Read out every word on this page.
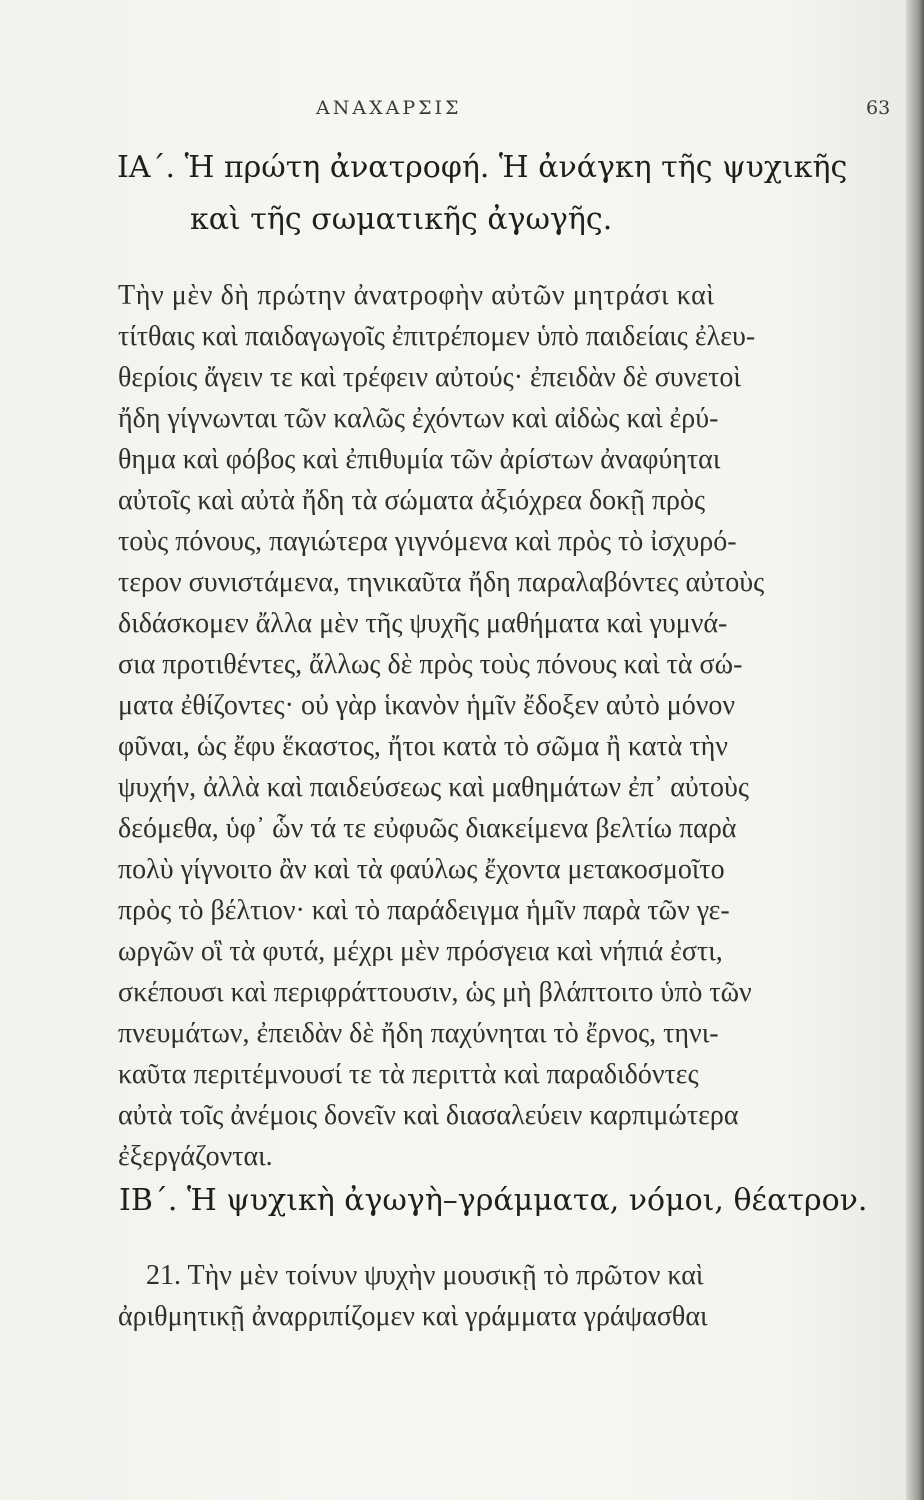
ΑΝΑΧΑΡΣΙΣ	63
ΙΑ΄. Ἡ πρώτη ἀνατροφή. Ἡ ἀνάγκη τῆς ψυχικῆς
καὶ τῆς σωματικῆς ἀγωγῆς.
Τὴν μὲν δὴ πρώτην ἀνατροφὴν αὐτῶν μητράσι καὶ
τίτθαις καὶ παιδαγωγοῖς ἐπιτρέπομεν ὑπὸ παιδείαις ἐλευ-
θερίοις ἄγειν τε καὶ τρέφειν αὐτούς· ἐπειδὰν δὲ συνετοὶ
ἤδη γίγνωνται τῶν καλῶς ἐχόντων καὶ αἰδὼς καὶ ἐρύ-
θημα καὶ φόβος καὶ ἐπιθυμία τῶν ἀρίστων ἀναφύηται
αὐτοῖς καὶ αὐτὰ ἤδη τὰ σώματα ἀξιόχρεα δοκῇ πρὸς
τοὺς πόνους, παγιώτερα γιγνόμενα καὶ πρὸς τὸ ἰσχυρό-
τερον συνιστάμενα, τηνικαῦτα ἤδη παραλαβόντες αὐτοὺς
διδάσκομεν ἄλλα μὲν τῆς ψυχῆς μαθήματα καὶ γυμνά-
σια προτιθέντες, ἄλλως δὲ πρὸς τοὺς πόνους καὶ τὰ σώ-
ματα ἐθίζοντες· οὐ γὰρ ἱκανὸν ἡμῖν ἔδοξεν αὐτὸ μόνον
φῦναι, ὡς ἔφυ ἕκαστος, ἤτοι κατὰ τὸ σῶμα ἢ κατὰ τὴν
ψυχήν, ἀλλὰ καὶ παιδεύσεως καὶ μαθημάτων ἐπ᾿ αὐτοὺς
δεόμεθα, ὑφ᾿ ὧν τά τε εὐφυῶς διακείμενα βελτίω παρὰ
πολὺ γίγνοιτο ἂν καὶ τὰ φαύλως ἔχοντα μετακοσμοῖτο
πρὸς τὸ βέλτιον· καὶ τὸ παράδειγμα ἡμῖν παρὰ τῶν γε-
ωργῶν οἳ τὰ φυτά, μέχρι μὲν πρόσγεια καὶ νήπιά ἐστι,
σκέπουσι καὶ περιφράττουσιν, ὡς μὴ βλάπτοιτο ὑπὸ τῶν
πνευμάτων, ἐπειδὰν δὲ ἤδη παχύνηται τὸ ἔρνος, τηνι-
καῦτα περιτέμνουσί τε τὰ περιττὰ καὶ παραδιδόντες
αὐτὰ τοῖς ἀνέμοις δονεῖν καὶ διασαλεύειν καρπιμώτερα
ἐξεργάζονται.
ΙΒ΄. Ἡ ψυχικὴ ἀγωγὴ–γράμματα, νόμοι, θέατρον.
21. Τὴν μὲν τοίνυν ψυχὴν μουσικῇ τὸ πρῶτον καὶ
ἀριθμητικῇ ἀναρριπίζομεν καὶ γράμματα γράψασθαι
